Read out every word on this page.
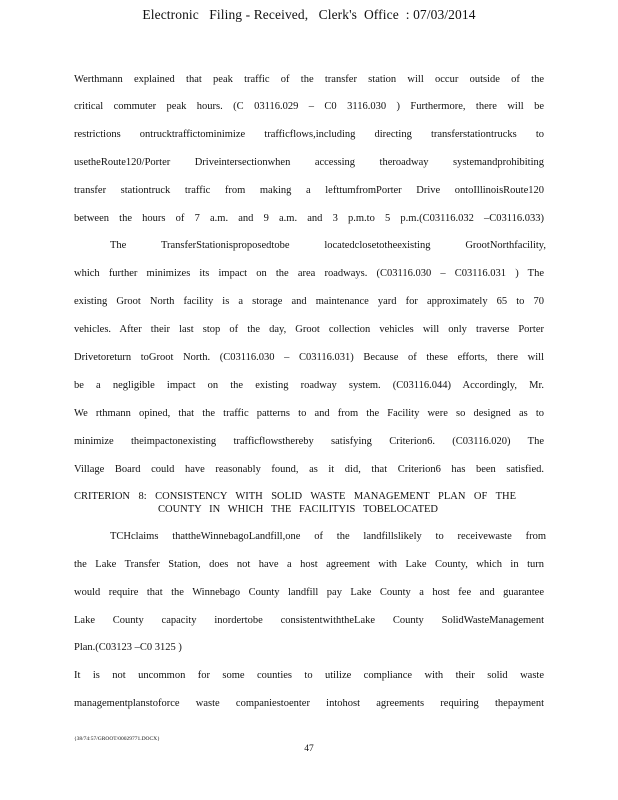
Electronic   Filing - Received,   Clerk's  Office  : 07/03/2014
Werthmann explained that peak traffic of the transfer station will occur outside of the
critical commuter peak hours. (C 03116.029 – C0 3116.030 ) Furthermore, there will be
restrictions ontrucktraffictominimize trafficflows,including directing transferstationtrucks to
usetheRoute120/Porter Driveintersectionwhen accessing theroadway systemandprohibiting
transfer stationtruck traffic from making a lefttumfromPorter Drive ontoIllinoisRoute120
between the hours of 7 a.m. and 9 a.m. and 3 p.m.to 5 p.m.(C03116.032 –C03116.033)
The TransferStationisproposedtobe locatedclosetotheexisting GrootNorthfacility,
which further minimizes its impact on the area roadways. (C03116.030 – C03116.031 ) The
existing Groot North facility is a storage and maintenance yard for approximately 65 to 70
vehicles. After their last stop of the day, Groot collection vehicles will only traverse Porter
Drivetoreturn toGroot North. (C03116.030 – C03116.031) Because of these efforts, there will
be a negligible impact on the existing roadway system. (C03116.044) Accordingly, Mr.
We rthmann opined, that the traffic patterns to and from the Facility were so designed as to
minimize theimpactonexisting trafficflowsthereby satisfying Criterion6. (C03116.020) The
Village Board could have reasonably found, as it did, that Criterion6 has been satisfied.
CRITERION 8: CONSISTENCY WITH SOLID WASTE MANAGEMENT PLAN OF THE
COUNTY IN WHICH THE FACILITYIS TOBELOCATED
TCHclaims thattheWinnebagoLandfill,one of the landfillslikely to receivewaste from
the Lake Transfer Station, does not have a host agreement with Lake County, which in turn
would require that the Winnebago County landfill pay Lake County a host fee and guarantee
Lake County capacity inordertobe consistentwiththeLake County SolidWasteManagement
Plan.(C03123 –C0 3125 )
It is not uncommon for some counties to utilize compliance with their solid waste
managementplanstoforce waste companiestoenter intohost agreements requiring thepayment
{38/74:57/GROOT/00029771.DOCX}
47
